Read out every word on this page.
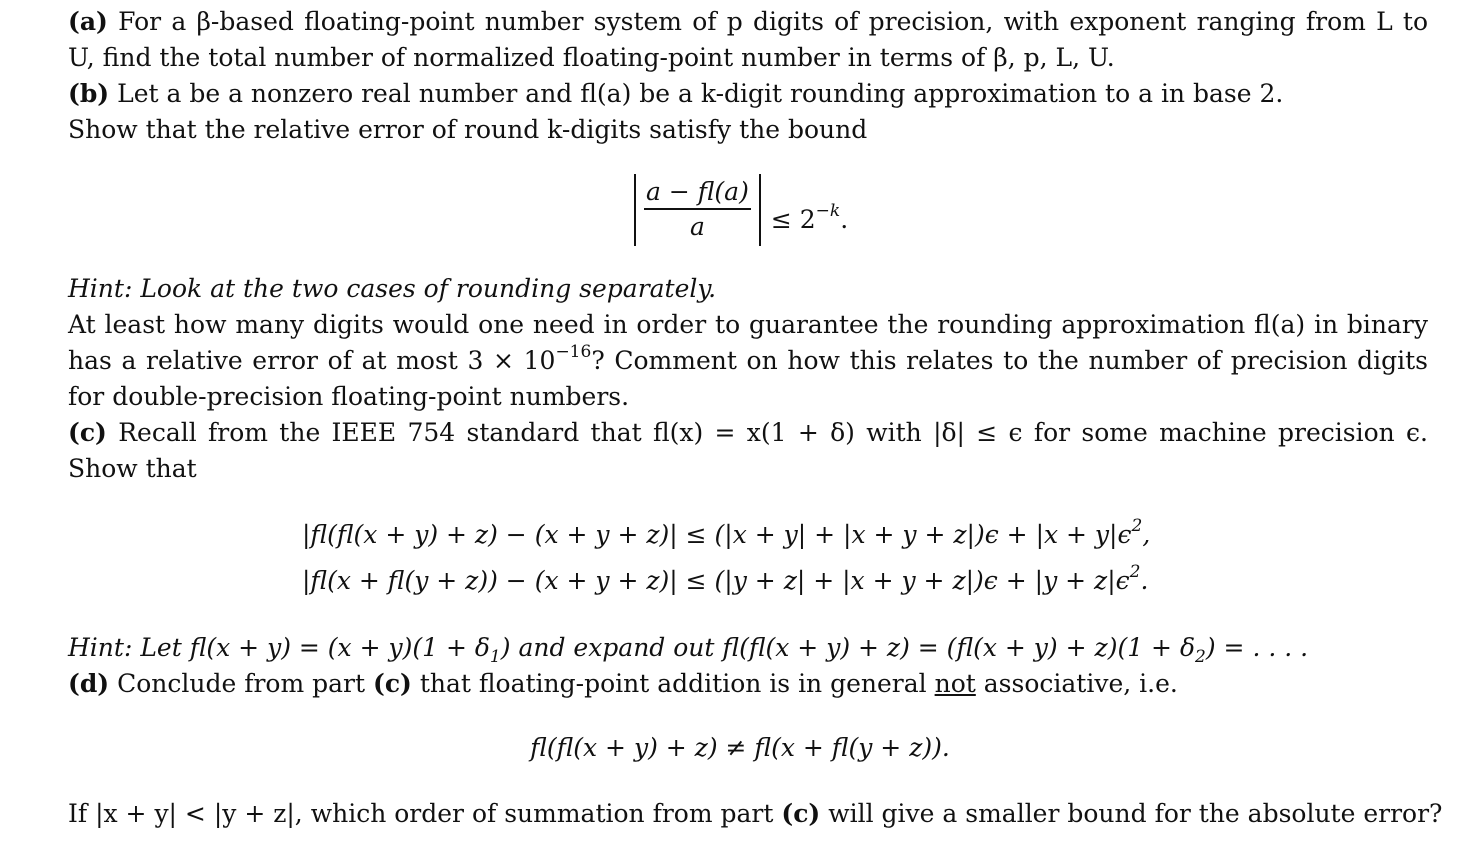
(a) For a β-based floating-point number system of p digits of precision, with exponent ranging from L to
U, find the total number of normalized floating-point number in terms of β, p, L, U.
(b) Let a be a nonzero real number and fl(a) be a k-digit rounding approximation to a in base 2.
Show that the relative error of round k-digits satisfy the bound
$\frac{a - fl(a)}{a} \le 2^{-k}$.
Hint: Look at the two cases of rounding separately.
At least how many digits would one need in order to guarantee the rounding approximation fl(a) in binary
has a relative error of at most $3 \times 10^{-16}$? Comment on how this relates to the number of precision digits
for double-precision floating-point numbers.
(c) Recall from the IEEE 754 standard that fl(x) = x(1 + δ) with |δ| ≤ ϵ for some machine precision ϵ.
Show that
$|fl(fl(x + y) + z) - (x + y + z)| \le (|x + y| + |x + y + z|)\epsilon + |x + y|\epsilon^2$,
$|fl(x + fl(y + z)) - (x + y + z)| \le (|y + z| + |x + y + z|)\epsilon + |y + z|\epsilon^2$.
Hint: Let $fl(x + y) = (x + y)(1 + \delta_1)$ and expand out $fl(fl(x + y) + z) = (fl(x + y) + z)(1 + \delta_2)$ = . . . .
(d) Conclude from part (c) that floating-point addition is in general not associative, i.e.
fl(fl(x + y) + z) ≠ fl(x + fl(y + z)).
If |x + y| < |y + z|, which order of summation from part (c) will give a smaller bound for the absolute error?
